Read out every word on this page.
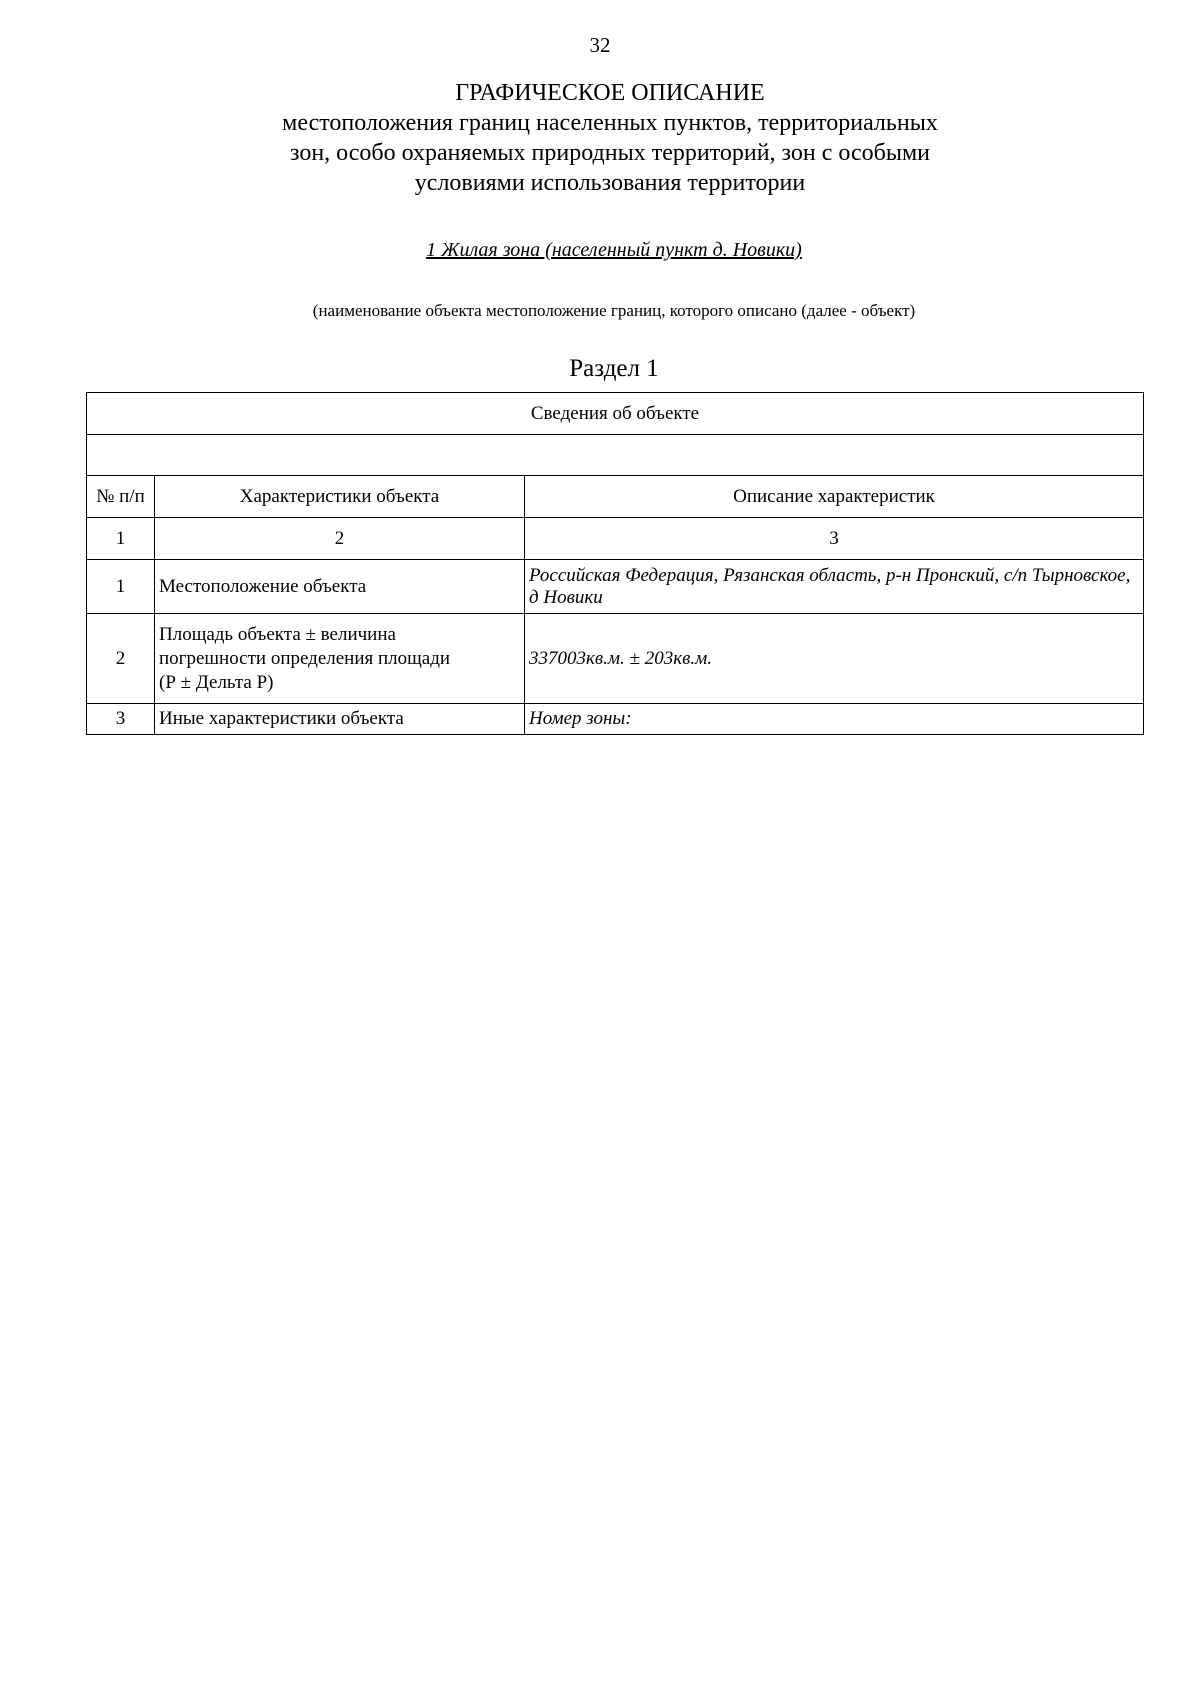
32
ГРАФИЧЕСКОЕ ОПИСАНИЕ
местоположения границ населенных пунктов, территориальных
зон, особо охраняемых природных территорий, зон с особыми
условиями использования территории
1 Жилая зона (населенный пункт д. Новики)
(наименование объекта местоположение границ, которого описано (далее - объект)
Раздел 1
Сведения об объекте		

№ п/п	Характеристики объекта	Описание характеристик
1	2	3
1	Местоположение объекта	Российская Федерация, Рязанская область, р-н Пронский, с/п Тырновское, д Новики
2	Площадь объекта ± величина
погрешности определения площади
(Р ± Дельта Р)	337003кв.м. ± 203кв.м.
3	Иные характеристики объекта	Номер зоны:
